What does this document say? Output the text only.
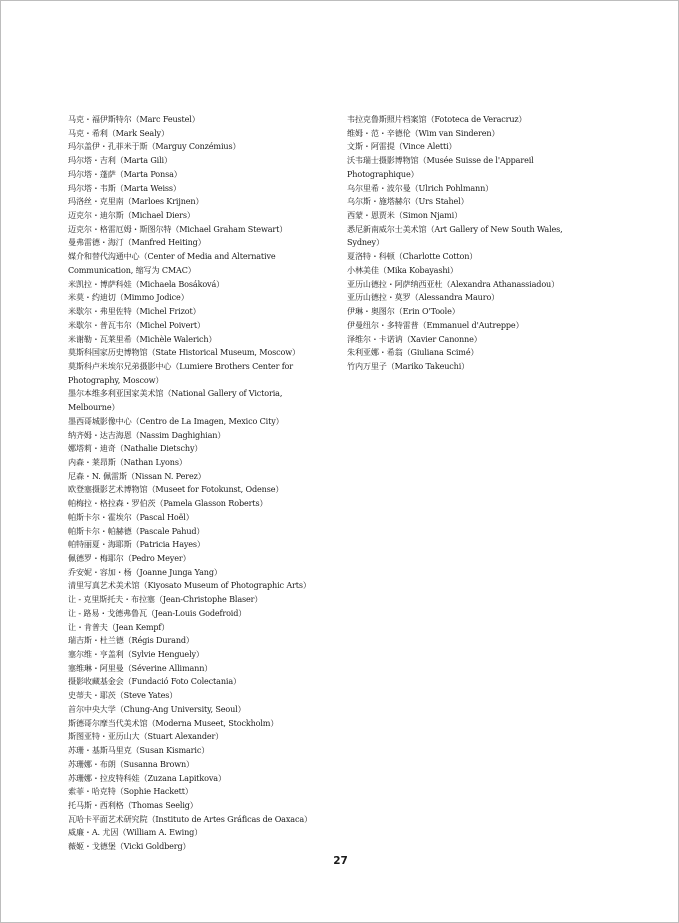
马克・福伊斯特尔（Marc Feustel）
马克・希利（Mark Sealy）
玛尔盖伊・孔菲米于斯（Marguy Conzémius）
玛尔塔・吉利（Marta Gili）
玛尔塔・蓬萨（Marta Ponsa）
玛尔塔・韦斯（Marta Weiss）
玛洛丝・克里南（Marloes Krijnen）
迈克尔・迪尔斯（Michael Diers）
迈克尔・格雷厄姆・斯图尔特（Michael Graham Stewart）
曼弗雷德・海汀（Manfred Heiting）
媒介和替代沟通中心（Center of Media and Alternative Communication, 缩写为 CMAC）
米凯拉・博萨科娃（Michaela Bosáková）
米莫・约迪切（Mimmo Jodice）
米歇尔・弗里佐特（Michel Frizot）
米歇尔・普瓦韦尔（Michel Poivert）
米谢勒・瓦莱里希（Michèle Walerich）
莫斯科国家历史博物馆（State Historical Museum, Moscow）
莫斯科卢米埃尔兄弟摄影中心（Lumiere Brothers Center for Photography, Moscow）
墨尔本维多利亚国家美术馆（National Gallery of Victoria, Melbourne）
墨西哥城影像中心（Centro de La Imagen, Mexico City）
纳齐姆・达吉海恩（Nassim Daghighian）
娜塔莉・迪奇（Nathalie Dietschy）
内森・莱昂斯（Nathan Lyons）
尼森・N. 佩雷斯（Nissan N. Perez）
欧登塞摄影艺术博物馆（Museet for Fotokunst, Odense）
帕梅拉・格拉森・罗伯茨（Pamela Glasson Roberts）
帕斯卡尔・霍埃尔（Pascal Hoël）
帕斯卡尔・帕赫德（Pascale Pahud）
帕特丽夏・海耶斯（Patricia Hayes）
佩德罗・梅耶尔（Pedro Meyer）
乔安妮・容加・杨（Joanne Junga Yang）
清里写真艺术美术馆（Kiyosato Museum of Photographic Arts）
让 - 克里斯托夫・布拉塞（Jean-Christophe Blaser）
让 - 路易・戈德弗鲁瓦（Jean-Louis Godefroid）
让・肯普夫（Jean Kempf）
瑞吉斯・杜兰德（Régis Durand）
塞尔维・亨盖利（Sylvie Henguely）
塞维琳・阿里曼（Séverine Allimann）
摄影收藏基金会（Fundació Foto Colectania）
史蒂夫・耶茨（Steve Yates）
首尔中央大学（Chung-Ang University, Seoul）
斯德哥尔摩当代美术馆（Moderna Museet, Stockholm）
斯图亚特・亚历山大（Stuart Alexander）
苏珊・基斯马里克（Susan Kismaric）
苏珊娜・布朗（Susanna Brown）
苏珊娜・拉皮特科娃（Zuzana Lapitkova）
索菲・哈克特（Sophie Hackett）
托马斯・西利格（Thomas Seelig）
瓦哈卡平面艺术研究院（Instituto de Artes Gráficas de Oaxaca）
威廉・A. 尤因（William A. Ewing）
薇姬・戈德堡（Vicki Goldberg）
韦拉克鲁斯照片档案馆（Fototeca de Veracruz）
维姆・范・辛德伦（Wim van Sinderen）
文斯・阿雷提（Vince Aletti）
沃韦瑞士摄影博物馆（Musée Suisse de l'Appareil Photographique）
乌尔里希・波尔曼（Ulrich Pohlmann）
乌尔斯・施塔赫尔（Urs Stahel）
西蒙・恩贾米（Simon Njami）
悉尼新南威尔士美术馆（Art Gallery of New South Wales, Sydney）
夏洛特・科顿（Charlotte Cotton）
小林美佳（Mika Kobayashi）
亚历山德拉・阿萨纳西亚杜（Alexandra Athanassiadou）
亚历山德拉・莫罗（Alessandra Mauro）
伊琳・奥图尔（Erin O'Toole）
伊曼纽尔・多特雷普（Emmanuel d'Autreppe）
泽维尔・卡诺讷（Xavier Canonne）
朱利亚娜・希翁（Giuliana Scimé）
竹内万里子（Mariko Takeuchi）
27
